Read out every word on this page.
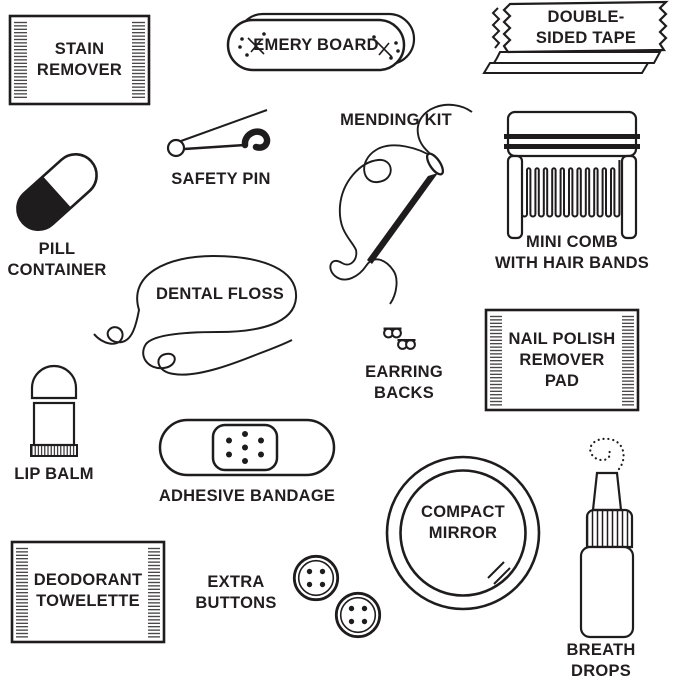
STAIN
REMOVER
EMERY BOARD
DOUBLE-
SIDED TAPE
SAFETY PIN
MENDING KIT
MINI COMB
WITH HAIR BANDS
PILL
CONTAINER
DENTAL FLOSS
EARRING
BACKS
NAIL POLISH
REMOVER
PAD
LIP BALM
ADHESIVE BANDAGE
COMPACT
MIRROR
DEODORANT
TOWELETTE
EXTRA
BUTTONS
BREATH
DROPS
